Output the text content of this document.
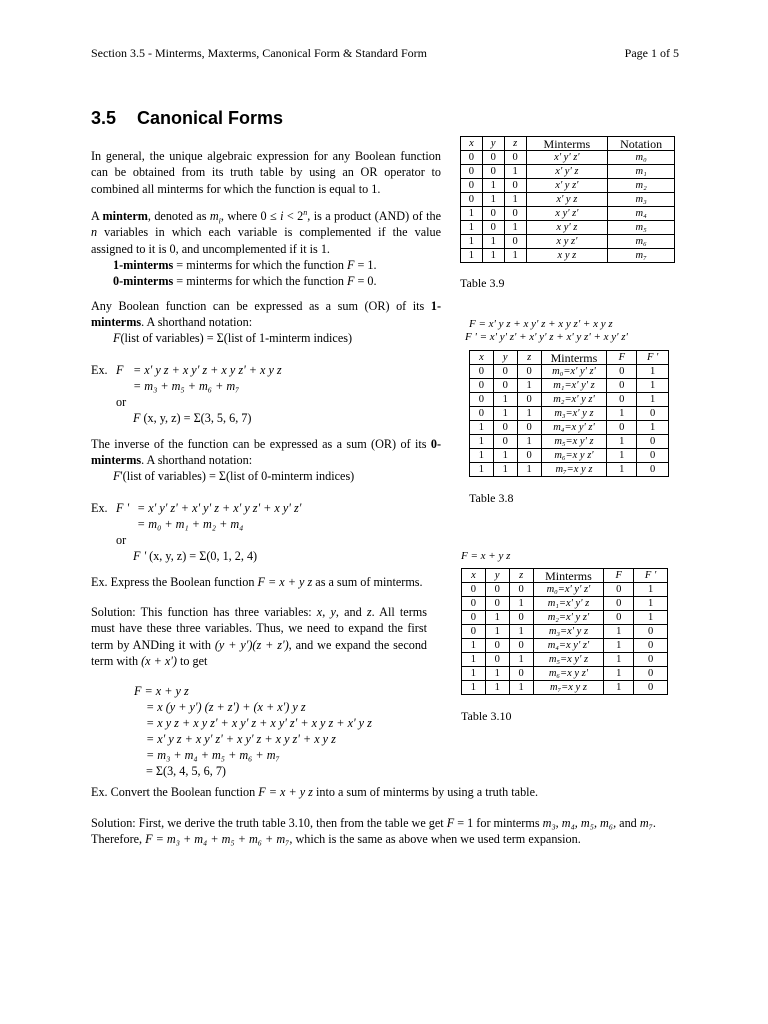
Section 3.5 - Minterms, Maxterms, Canonical Form & Standard Form	Page 1 of 5
3.5 Canonical Forms
In general, the unique algebraic expression for any Boolean function can be obtained from its truth table by using an OR operator to combined all minterms for which the function is equal to 1.
A minterm, denoted as $m_i$, where $0 \le i < 2^n$, is a product (AND) of the n variables in which each variable is complemented if the value assigned to it is 0, and uncomplemented if it is 1.
1-minterms = minterms for which the function F = 1.
0-minterms = minterms for which the function F = 0.
Any Boolean function can be expressed as a sum (OR) of its 1- minterms. A shorthand notation:
F(list of variables) = Σ(list of 1-minterm indices)
Ex. F = x' y z + x y' z + x y z' + x y z
= m₃ + m₅ + m₆ + m₇
or
F (x, y, z) = Σ(3, 5, 6, 7)
The inverse of the function can be expressed as a sum (OR) of its 0- minterms. A shorthand notation:
F'(list of variables) = Σ(list of 0-minterm indices)
Ex. F ' = x' y' z' + x' y' z + x' y z' + x y' z'
= m₀ + m₁ + m₂ + m₄
or
F ' (x, y, z) = Σ(0, 1, 2, 4)
Ex. Express the Boolean function F = x + y z as a sum of minterms.
Solution: This function has three variables: x, y, and z. All terms must have these three variables. Thus, we need to expand the first term by ANDing it with (y + y')(z + z'), and we expand the second term with (x + x') to get
F = x + y z
= x (y + y') (z + z') + (x + x') y z
= x y z + x y z' + x y' z + x y' z' + x y z + x' y z
= x' y z + x y' z' + x y' z + x y z' + x y z
= m₃ + m₄ + m₅ + m₆ + m₇
= Σ(3, 4, 5, 6, 7)
Ex. Convert the Boolean function F = x + y z into a sum of minterms by using a truth table.
Solution: First, we derive the truth table 3.10, then from the table we get F = 1 for minterms m₃, m₄, m₅, m₆, and m₇.
Therefore, F = m₃ + m₄ + m₅ + m₆ + m₇, which is the same as above when we used term expansion.
x	y	z	Minterms	Notation
0	0	0	x' y' z'	m₀
0	0	1	x' y' z	m₁
0	1	0	x' y z'	m₂
0	1	1	x' y z	m₃
1	0	0	x y' z'	m₄
1	0	1	x y' z	m₅
1	1	0	x y z'	m₆
1	1	1	x y z	m₇
Table 3.9
F = x' y z + x y' z + x y z' + x y z
F ' = x' y' z' + x' y' z + x' y z' + x y' z'
x	y	z	Minterms	F	F '
0	0	0	m₀=x' y' z'	0	1
0	0	1	m₁=x' y' z	0	1
0	1	0	m₂=x' y z'	0	1
0	1	1	m₃=x' y z	1	0
1	0	0	m₄=x y' z'	0	1
1	0	1	m₅=x y' z	1	0
1	1	0	m₆=x y z'	1	0
1	1	1	m₇=x y z	1	0
Table 3.8
F = x + y z
x	y	z	Minterms	F	F '
0	0	0	m₀=x' y' z'	0	1
0	0	1	m₁=x' y' z	0	1
0	1	0	m₂=x' y z'	0	1
0	1	1	m₃=x' y z	1	0
1	0	0	m₄=x y' z'	1	0
1	0	1	m₅=x y' z	1	0
1	1	0	m₆=x y z'	1	0
1	1	1	m₇=x y z	1	0
Table 3.10
